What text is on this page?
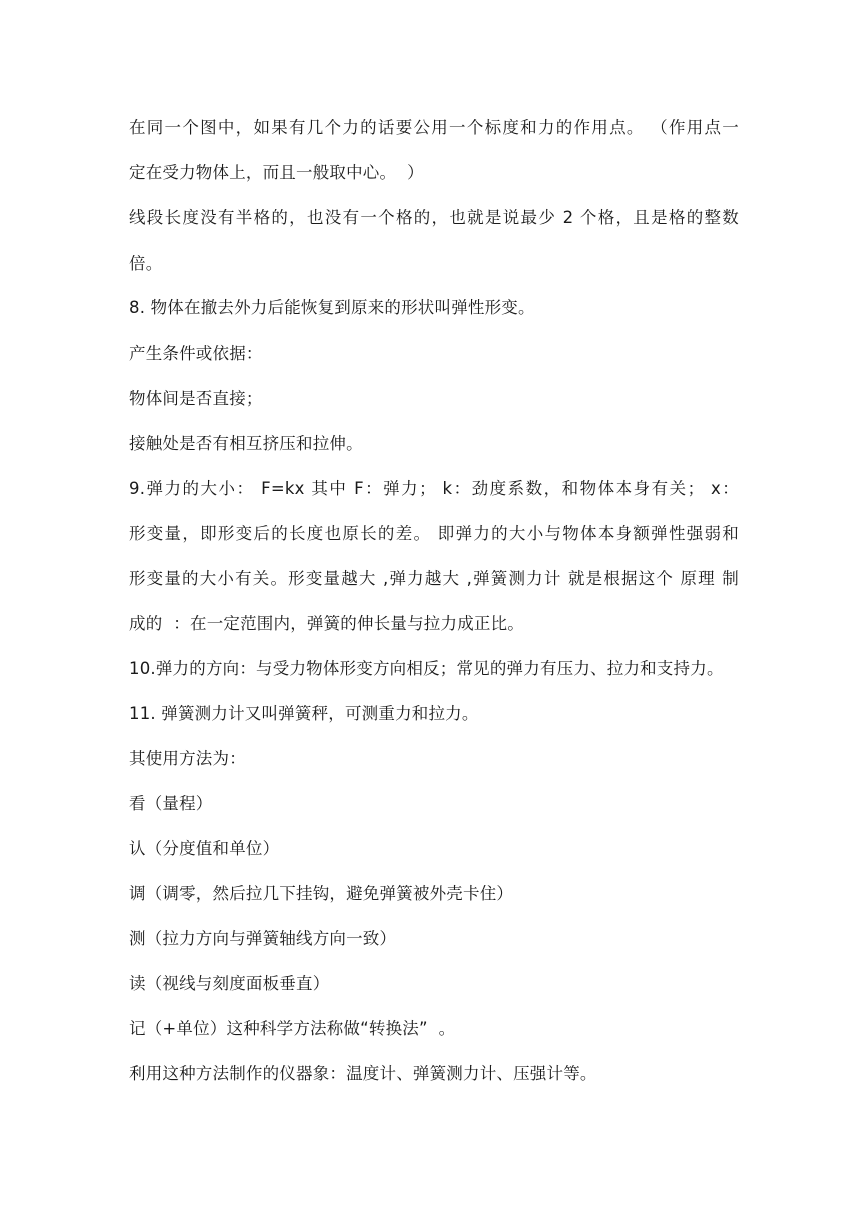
在同一个图中，如果有几个力的话要公用一个标度和力的作用点。 （作用点一
定在受力物体上，而且一般取中心。  ）
线段长度没有半格的，也没有一个格的，也就是说最少 2 个格，且是格的整数
倍。
8. 物体在撤去外力后能恢复到原来的形状叫弹性形变。
产生条件或依据：
物体间是否直接；
接触处是否有相互挤压和拉伸。
9.弹力的大小： F=kx 其中 F：弹力； k：劲度系数，和物体本身有关； x：
形变量，即形变后的长度也原长的差。 即弹力的大小与物体本身额弹性强弱和
形变量的大小有关。形变量越大 ,弹力越大 ,弹簧测力计 就是根据这个 原理 制
成的  ：在一定范围内，弹簧的伸长量与拉力成正比。
10.弹力的方向：与受力物体形变方向相反；常见的弹力有压力、拉力和支持力。
11. 弹簧测力计又叫弹簧秤，可测重力和拉力。
其使用方法为：
看（量程）
认（分度值和单位）
调（调零，然后拉几下挂钩，避免弹簧被外壳卡住）
测（拉力方向与弹簧轴线方向一致）
读（视线与刻度面板垂直）
记（+单位）这种科学方法称做“转换法”  。
利用这种方法制作的仪器象：温度计、弹簧测力计、压强计等。
